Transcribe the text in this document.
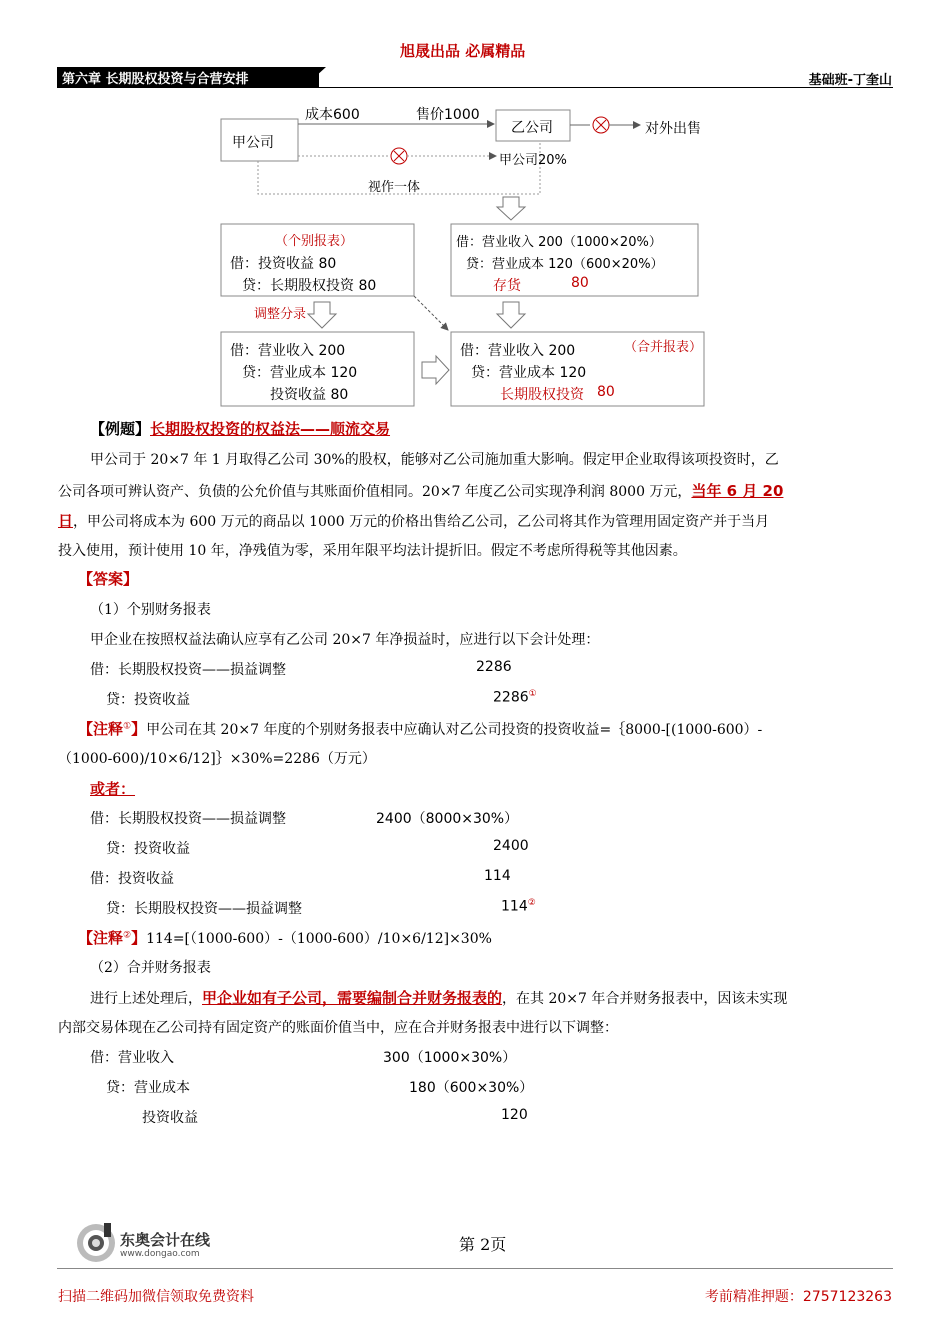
旭晟出品 必属精品
第六章 长期股权投资与合营安排	基础班-丁奎山
甲公司
乙公司
成本600	售价1000
对外出售
甲公司20%
视作一体
（个别报表）
借：投资收益 80
贷：长期股权投资 80
借：营业收入 200（1000×20%）
贷：营业成本 120（600×20%）
存货	80
调整分录
借：营业收入 200
贷：营业成本 120
投资收益 80
借：营业收入 200	（合并报表）
贷：营业成本 120
长期股权投资 80
【例题】 长期股权投资的权益法——顺流交易
甲公司于 20×7 年 1 月取得乙公司 30%的股权，能够对乙公司施加重大影响。假定甲企业取得该项投资时，乙
公司各项可辨认资产、负债的公允价值与其账面价值相同。20×7 年度乙公司实现净利润 8000 万元，当年 6 月 20
日，甲公司将成本为 600 万元的商品以 1000 万元的价格出售给乙公司，乙公司将其作为管理用固定资产并于当月
投入使用，预计使用 10 年，净残值为零，采用年限平均法计提折旧。假定不考虑所得税等其他因素。
【答案】
（1）个别财务报表
甲企业在按照权益法确认应享有乙公司 20×7 年净损益时，应进行以下会计处理：
借：长期股权投资——损益调整	2286
贷：投资收益	2286①
【注释①】甲公司在其 20×7 年度的个别财务报表中应确认对乙公司投资的投资收益=｛8000-[(1000-600）-
（1000-600)/10×6/12]｝×30%=2286（万元）
或者：
借：长期股权投资——损益调整	2400（8000×30%）
贷：投资收益	2400
借：投资收益	114
贷：长期股权投资——损益调整	114②
【注释②】114=[（1000-600）-（1000-600）/10×6/12]×30%
（2）合并财务报表
进行上述处理后，甲企业如有子公司，需要编制合并财务报表的，在其 20×7 年合并财务报表中，因该未实现
内部交易体现在乙公司持有固定资产的账面价值当中，应在合并财务报表中进行以下调整：
借：营业收入	300（1000×30%）
贷：营业成本	180（600×30%）
投资收益	120
东奥会计在线
www.dongao.com	第 2页
扫描二维码加微信领取免费资料	考前精准押题：2757123263
